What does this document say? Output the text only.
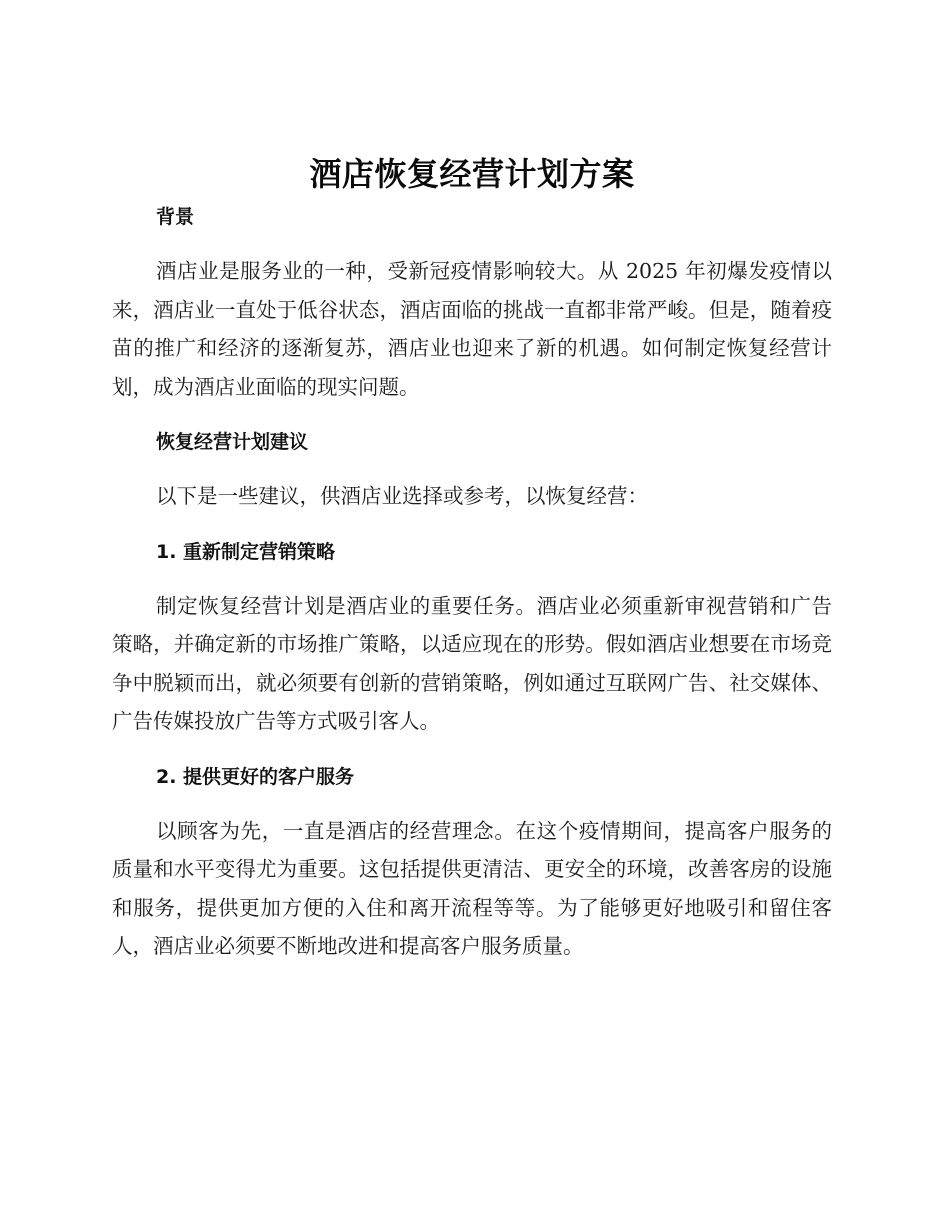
酒店恢复经营计划方案
背景

酒店业是服务业的一种，受新冠疫情影响较大。从 2025 年初爆发疫情以来，酒店业一直处于低谷状态，酒店面临的挑战一直都非常严峻。但是，随着疫苗的推广和经济的逐渐复苏，酒店业也迎来了新的机遇。如何制定恢复经营计划，成为酒店业面临的现实问题。

恢复经营计划建议

以下是一些建议，供酒店业选择或参考，以恢复经营：

1. 重新制定营销策略

制定恢复经营计划是酒店业的重要任务。酒店业必须重新审视营销和广告策略，并确定新的市场推广策略，以适应现在的形势。假如酒店业想要在市场竞争中脱颖而出，就必须要有创新的营销策略，例如通过互联网广告、社交媒体、广告传媒投放广告等方式吸引客人。

2. 提供更好的客户服务

以顾客为先，一直是酒店的经营理念。在这个疫情期间，提高客户服务的质量和水平变得尤为重要。这包括提供更清洁、更安全的环境，改善客房的设施和服务，提供更加方便的入住和离开流程等等。为了能够更好地吸引和留住客人，酒店业必须要不断地改进和提高客户服务质量。
